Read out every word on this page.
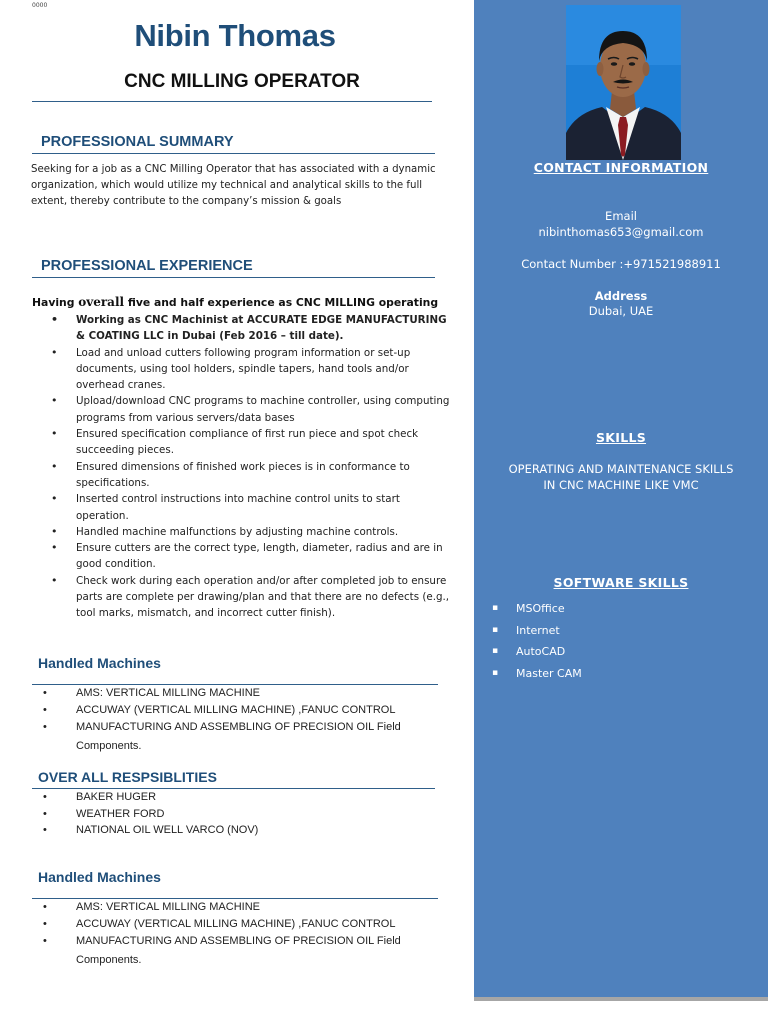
0000
Nibin Thomas
CNC MILLING OPERATOR
PROFESSIONAL SUMMARY
Seeking for a job as a CNC Milling Operator that has associated with a dynamic organization, which would utilize my technical and analytical skills to the full extent, thereby contribute to the company’s mission & goals
PROFESSIONAL EXPERIENCE
Having overall five and half experience as CNC MILLING operating
• Working as CNC Machinist at ACCURATE EDGE MANUFACTURING & COATING LLC in Dubai (Feb 2016 – till date).
• Load and unload cutters following program information or set-up documents, using tool holders, spindle tapers, hand tools and/or overhead cranes.
• Upload/download CNC programs to machine controller, using computing programs from various servers/data bases
• Ensured specification compliance of first run piece and spot check succeeding pieces.
• Ensured dimensions of finished work pieces is in conformance to specifications.
• Inserted control instructions into machine control units to start operation.
• Handled machine malfunctions by adjusting machine controls.
• Ensure cutters are the correct type, length, diameter, radius and are in good condition.
• Check work during each operation and/or after completed job to ensure parts are complete per drawing/plan and that there are no defects (e.g., tool marks, mismatch, and incorrect cutter finish).
Handled Machines
• AMS: VERTICAL MILLING MACHINE
• ACCUWAY (VERTICAL MILLING MACHINE) ,FANUC CONTROL
• MANUFACTURING AND ASSEMBLING OF PRECISION OIL Field Components.
OVER ALL RESPSIBLITIES
• BAKER HUGER
• WEATHER FORD
• NATIONAL OIL WELL VARCO (NOV)
Handled Machines
• AMS: VERTICAL MILLING MACHINE
• ACCUWAY (VERTICAL MILLING MACHINE) ,FANUC CONTROL
• MANUFACTURING AND ASSEMBLING OF PRECISION OIL Field Components.
CONTACT INFORMATION
Email
nibinthomas653@gmail.com
Contact Number :+971521988911
Address
Dubai, UAE
SKILLS
OPERATING AND MAINTENANCE SKILLS IN CNC MACHINE LIKE VMC
SOFTWARE SKILLS
▪ MSOffice
▪ Internet
▪ AutoCAD
▪ Master CAM
